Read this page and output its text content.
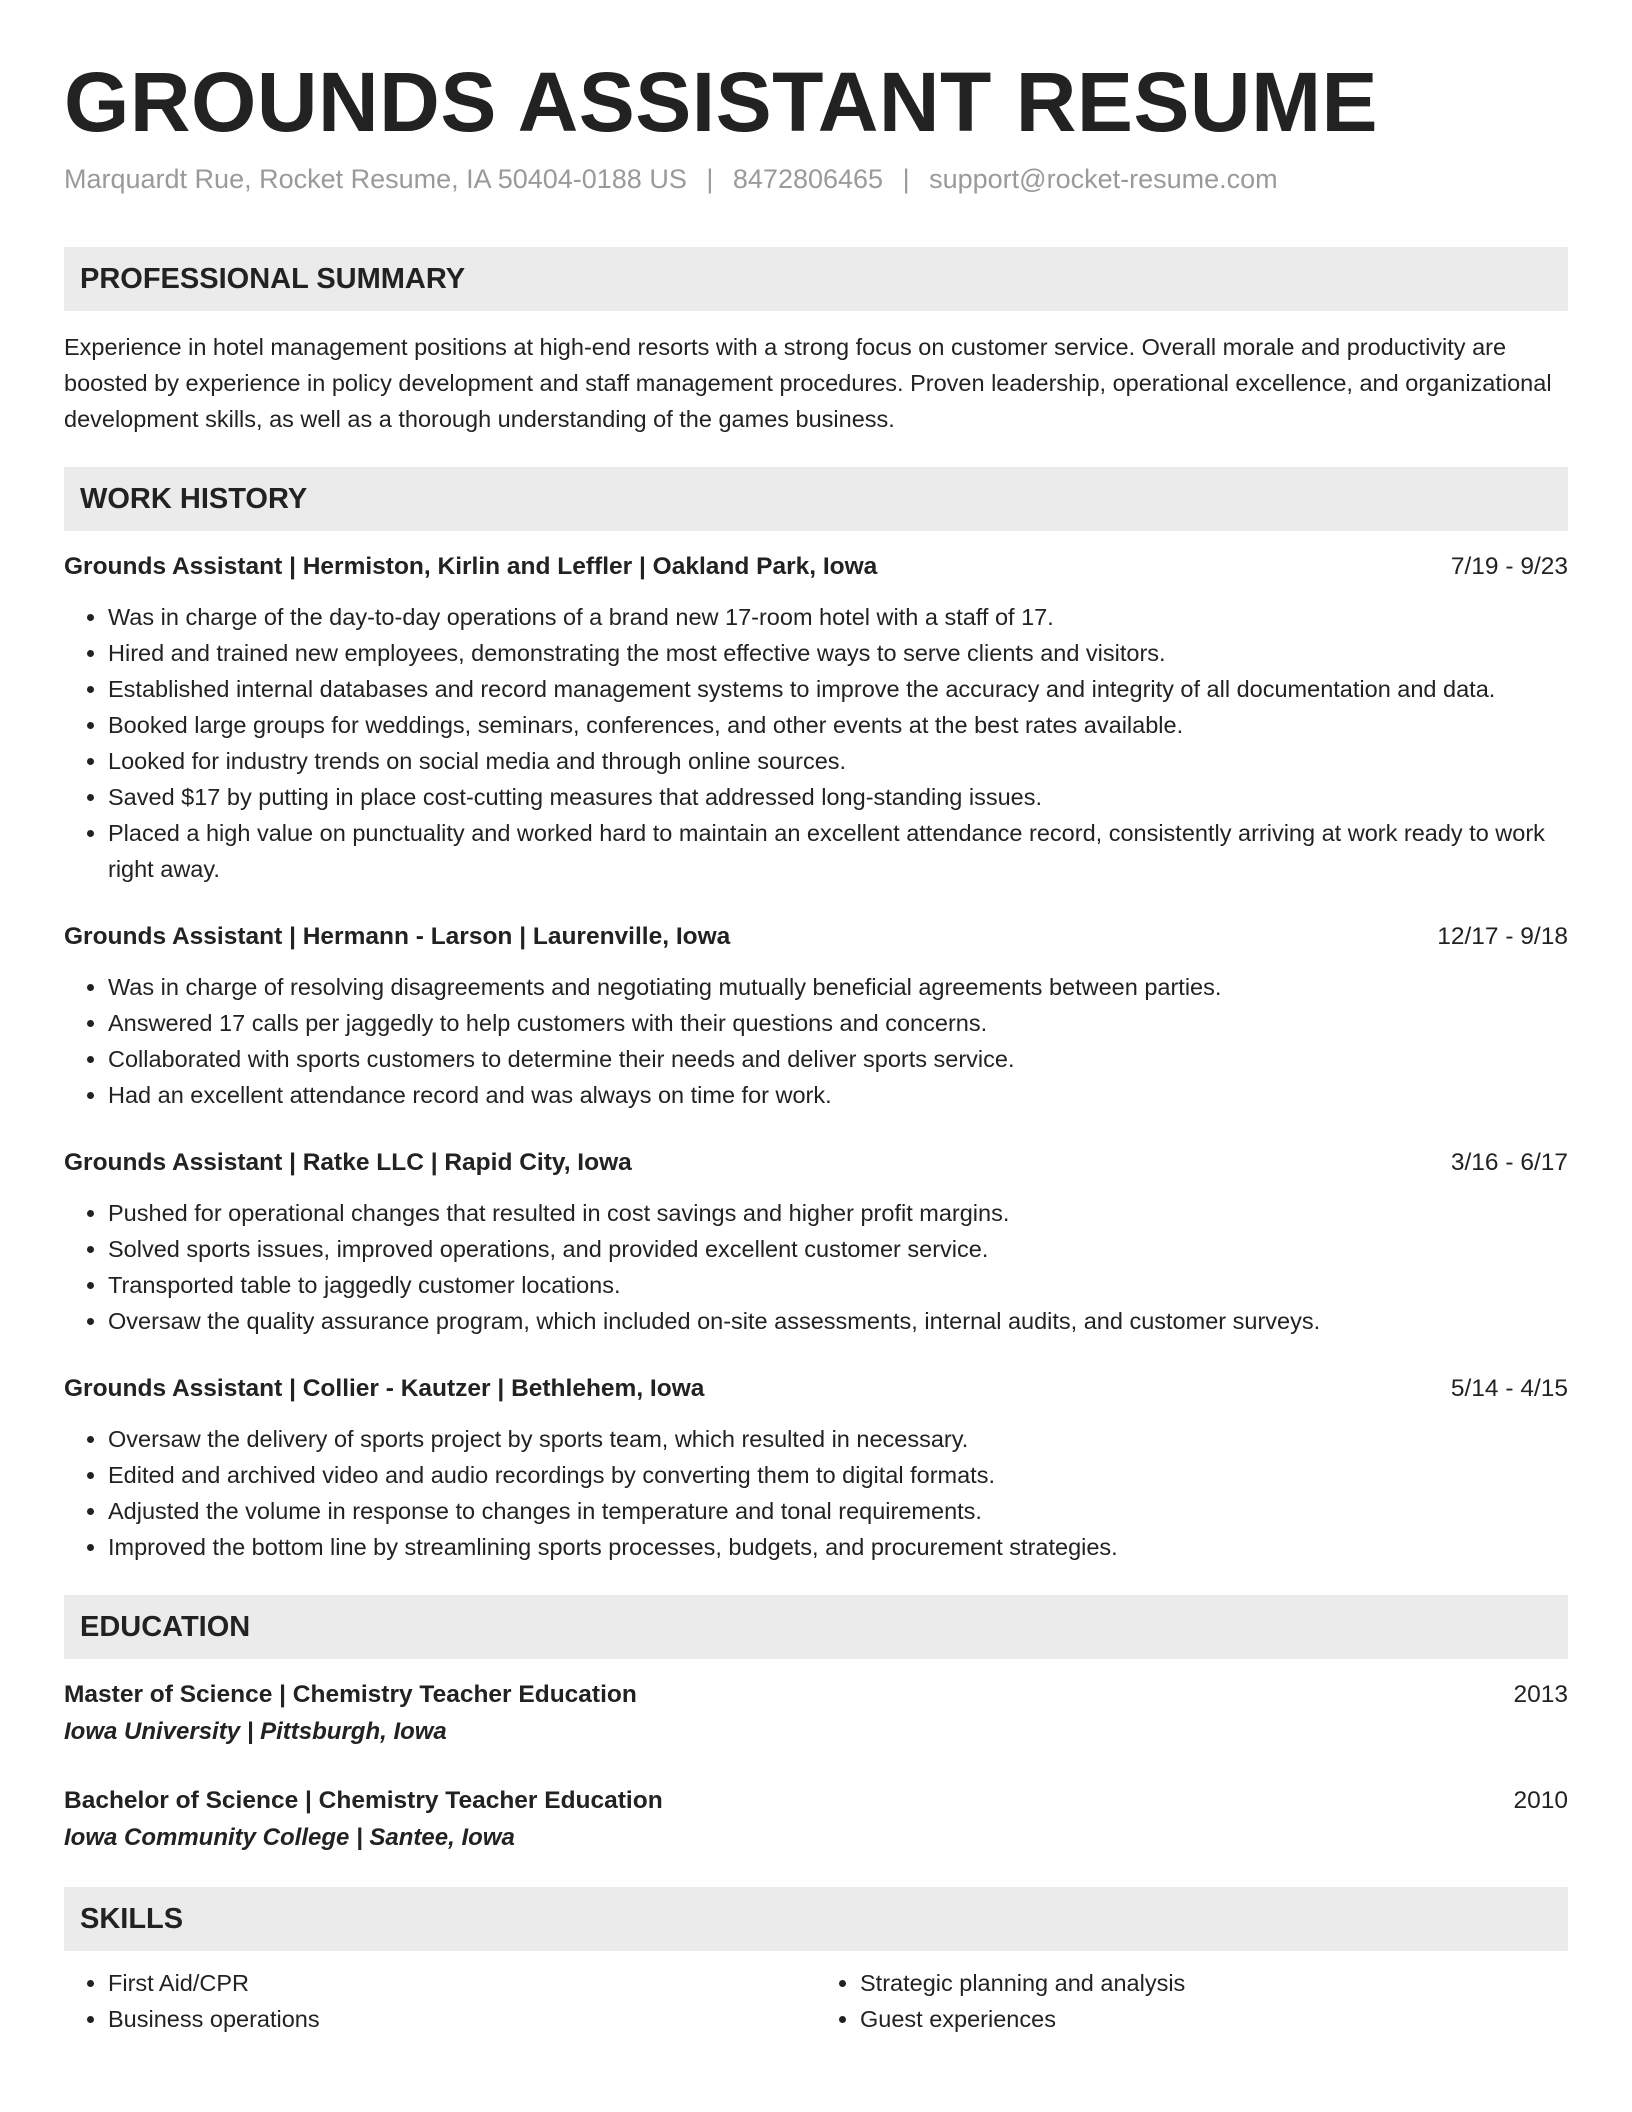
GROUNDS ASSISTANT RESUME
Marquardt Rue, Rocket Resume, IA 50404-0188 US | 8472806465 | support@rocket-resume.com
PROFESSIONAL SUMMARY
Experience in hotel management positions at high-end resorts with a strong focus on customer service. Overall morale and productivity are boosted by experience in policy development and staff management procedures. Proven leadership, operational excellence, and organizational development skills, as well as a thorough understanding of the games business.
WORK HISTORY
Grounds Assistant | Hermiston, Kirlin and Leffler | Oakland Park, Iowa	7/19 - 9/23
• Was in charge of the day-to-day operations of a brand new 17-room hotel with a staff of 17.
• Hired and trained new employees, demonstrating the most effective ways to serve clients and visitors.
• Established internal databases and record management systems to improve the accuracy and integrity of all documentation and data.
• Booked large groups for weddings, seminars, conferences, and other events at the best rates available.
• Looked for industry trends on social media and through online sources.
• Saved $17 by putting in place cost-cutting measures that addressed long-standing issues.
• Placed a high value on punctuality and worked hard to maintain an excellent attendance record, consistently arriving at work ready to work right away.
Grounds Assistant | Hermann - Larson | Laurenville, Iowa	12/17 - 9/18
• Was in charge of resolving disagreements and negotiating mutually beneficial agreements between parties.
• Answered 17 calls per jaggedly to help customers with their questions and concerns.
• Collaborated with sports customers to determine their needs and deliver sports service.
• Had an excellent attendance record and was always on time for work.
Grounds Assistant | Ratke LLC | Rapid City, Iowa	3/16 - 6/17
• Pushed for operational changes that resulted in cost savings and higher profit margins.
• Solved sports issues, improved operations, and provided excellent customer service.
• Transported table to jaggedly customer locations.
• Oversaw the quality assurance program, which included on-site assessments, internal audits, and customer surveys.
Grounds Assistant | Collier - Kautzer | Bethlehem, Iowa	5/14 - 4/15
• Oversaw the delivery of sports project by sports team, which resulted in necessary.
• Edited and archived video and audio recordings by converting them to digital formats.
• Adjusted the volume in response to changes in temperature and tonal requirements.
• Improved the bottom line by streamlining sports processes, budgets, and procurement strategies.
EDUCATION
Master of Science | Chemistry Teacher Education	2013
Iowa University | Pittsburgh, Iowa
Bachelor of Science | Chemistry Teacher Education	2010
Iowa Community College | Santee, Iowa
SKILLS
• First Aid/CPR
• Business operations
• Strategic planning and analysis
• Guest experiences
